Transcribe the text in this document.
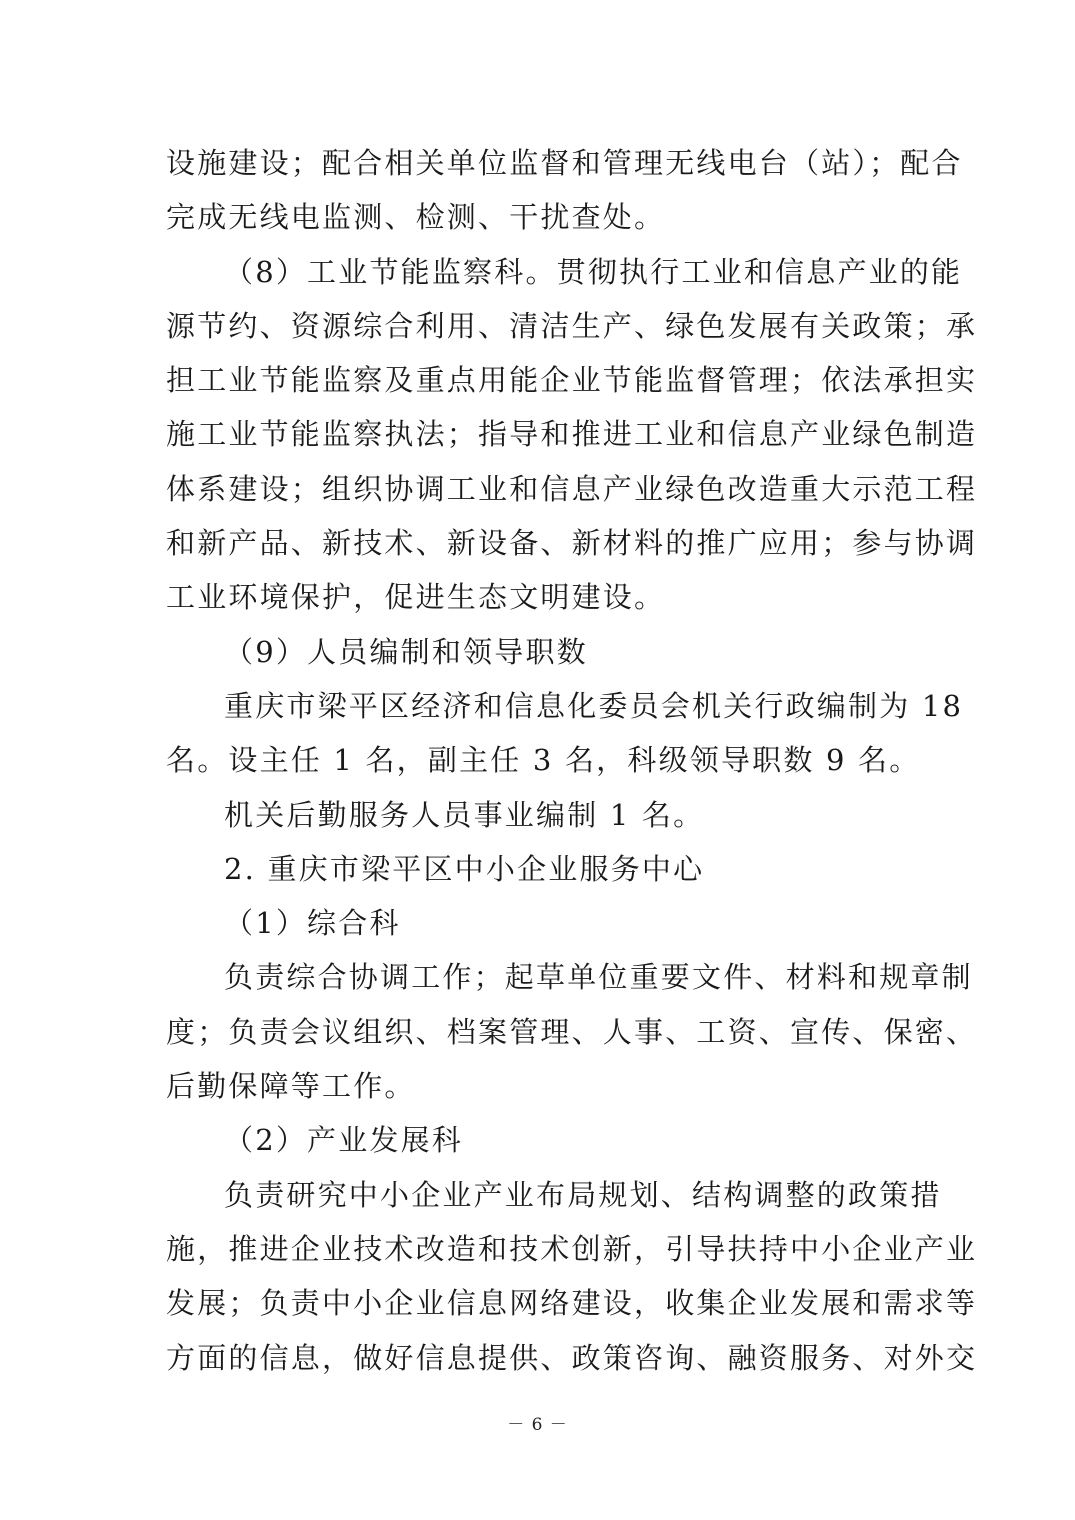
设施建设；配合相关单位监督和管理无线电台（站）；配合
完成无线电监测、检测、干扰查处。
（8）工业节能监察科。贯彻执行工业和信息产业的能
源节约、资源综合利用、清洁生产、绿色发展有关政策；承
担工业节能监察及重点用能企业节能监督管理；依法承担实
施工业节能监察执法；指导和推进工业和信息产业绿色制造
体系建设；组织协调工业和信息产业绿色改造重大示范工程
和新产品、新技术、新设备、新材料的推广应用；参与协调
工业环境保护，促进生态文明建设。
（9）人员编制和领导职数
重庆市梁平区经济和信息化委员会机关行政编制为 18
名。设主任 1 名，副主任 3 名，科级领导职数 9 名。
机关后勤服务人员事业编制 1 名。
2. 重庆市梁平区中小企业服务中心
（1）综合科
负责综合协调工作；起草单位重要文件、材料和规章制
度；负责会议组织、档案管理、人事、工资、宣传、保密、
后勤保障等工作。
（2）产业发展科
负责研究中小企业产业布局规划、结构调整的政策措
施，推进企业技术改造和技术创新，引导扶持中小企业产业
发展；负责中小企业信息网络建设，收集企业发展和需求等
方面的信息，做好信息提供、政策咨询、融资服务、对外交
－ 6 －
